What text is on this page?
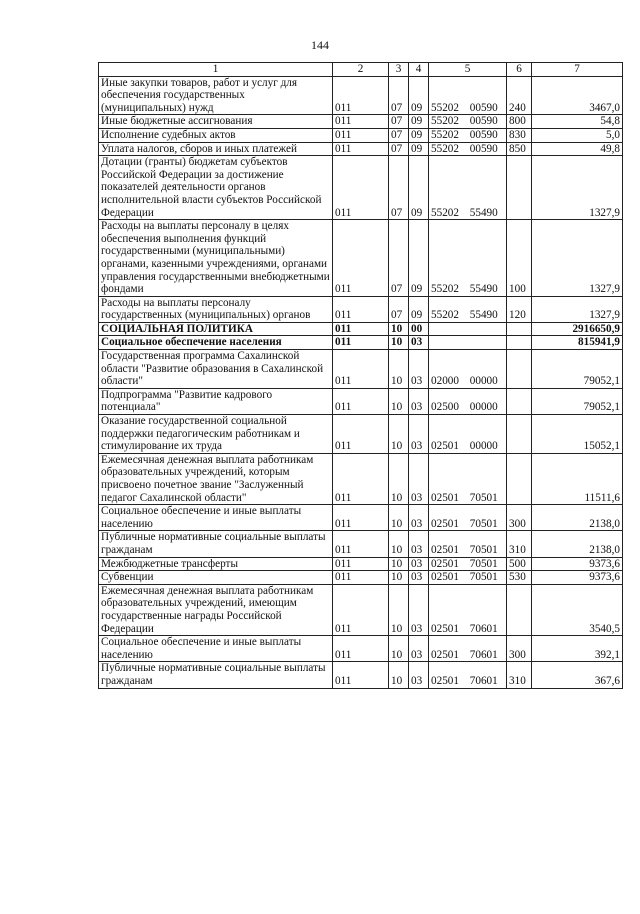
144
1	2	3	4	5	6	7
Иные закупки товаров, работ и услуг для обеспечения государственных (муниципальных) нужд	011	07	09	55202 00590	240	3467,0
Иные бюджетные ассигнования	011	07	09	55202 00590	800	54,8
Исполнение судебных актов	011	07	09	55202 00590	830	5,0
Уплата налогов, сборов и иных платежей	011	07	09	55202 00590	850	49,8
Дотации (гранты) бюджетам субъектов Российской Федерации за достижение показателей деятельности органов исполнительной власти субъектов Российской Федерации	011	07	09	55202 55490		1327,9
Расходы на выплаты персоналу в целях обеспечения выполнения функций государственными (муниципальными) органами, казенными учреждениями, органами управления государственными внебюджетными фондами	011	07	09	55202 55490	100	1327,9
Расходы на выплаты персоналу государственных (муниципальных) органов	011	07	09	55202 55490	120	1327,9
СОЦИАЛЬНАЯ ПОЛИТИКА	011	10	00			2916650,9
Социальное обеспечение населения	011	10	03			815941,9
Государственная программа Сахалинской области "Развитие образования в Сахалинской области"	011	10	03	02000 00000		79052,1
Подпрограмма "Развитие кадрового потенциала"	011	10	03	02500 00000		79052,1
Оказание государственной социальной поддержки педагогическим работникам и стимулирование их труда	011	10	03	02501 00000		15052,1
Ежемесячная денежная выплата работникам образовательных учреждений, которым присвоено почетное звание "Заслуженный педагог Сахалинской области"	011	10	03	02501 70501		11511,6
Социальное обеспечение и иные выплаты населению	011	10	03	02501 70501	300	2138,0
Публичные нормативные социальные выплаты гражданам	011	10	03	02501 70501	310	2138,0
Межбюджетные трансферты	011	10	03	02501 70501	500	9373,6
Субвенции	011	10	03	02501 70501	530	9373,6
Ежемесячная денежная выплата работникам образовательных учреждений, имеющим государственные награды Российской Федерации	011	10	03	02501 70601		3540,5
Социальное обеспечение и иные выплаты населению	011	10	03	02501 70601	300	392,1
Публичные нормативные социальные выплаты гражданам	011	10	03	02501 70601	310	367,6
